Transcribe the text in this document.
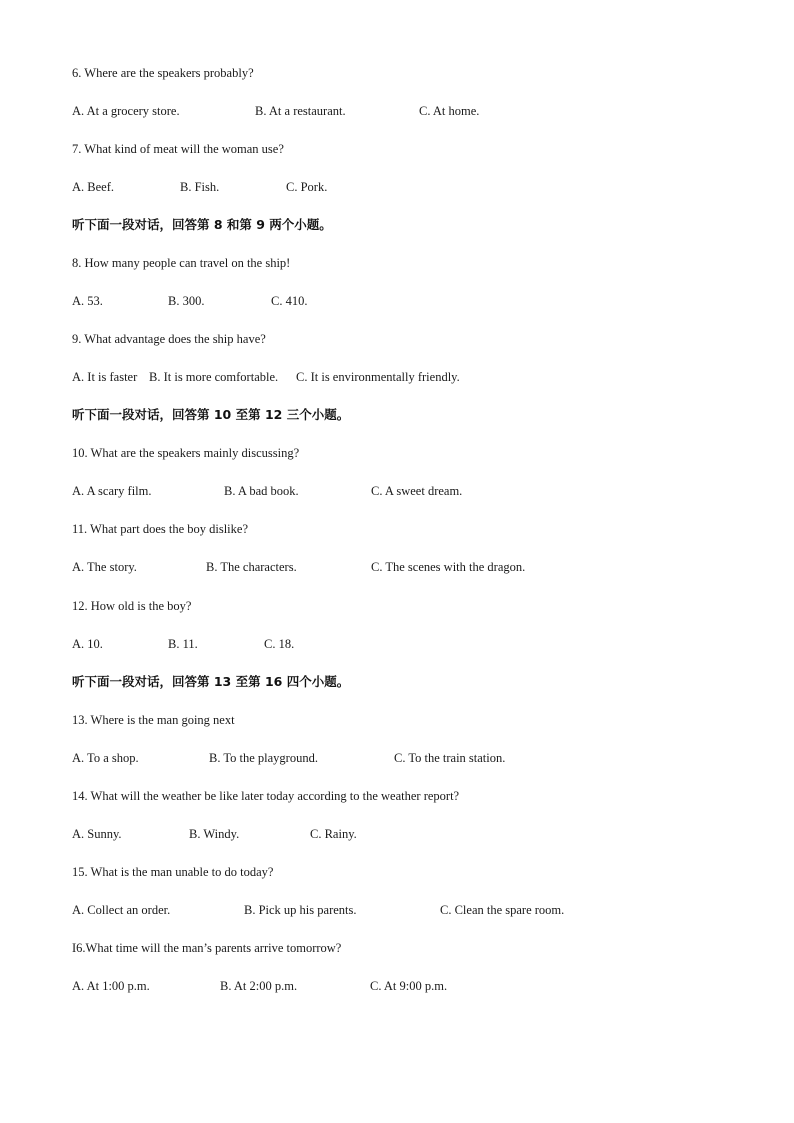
6. Where are the speakers probably?

A. At a grocery store.

	B. At a restaurant.

	C. At home.

7. What kind of meat will the woman use?

A. Beef.

	B. Fish.

	C. Pork.

听下面一段对话，回答第 8 和第 9 两个小题。
8. How many people can travel on the ship!

A. 53.

	B. 300.

	C. 410.

9. What advantage does the ship have?

A. It is faster

B. It is more comfortable.

C. It is environmentally friendly.

听下面一段对话，回答第 10 至第 12 三个小题。
10. What are the speakers mainly discussing?

A. A scary film.

	B. A bad book.

	C. A sweet dream.

11. What part does the boy dislike?

A. The story.

	B. The characters.

	C. The scenes with the dragon.

12. How old is the boy?

A. 10.

	B. 11.

	C. 18.

听下面一段对话，回答第 13 至第 16 四个小题。
13. Where is the man going next

A. To a shop.

	B. To the playground.

	C. To the train station.

14. What will the weather be like later today according to the weather report?

A. Sunny.

	B. Windy.

	C. Rainy.

15. What is the man unable to do today?

A. Collect an order.

	B. Pick up his parents.

	C. Clean the spare room.

I6.What time will the man’s parents arrive tomorrow?

A. At 1:00 p.m.

	B. At 2:00 p.m.

	C. At 9:00 p.m.
